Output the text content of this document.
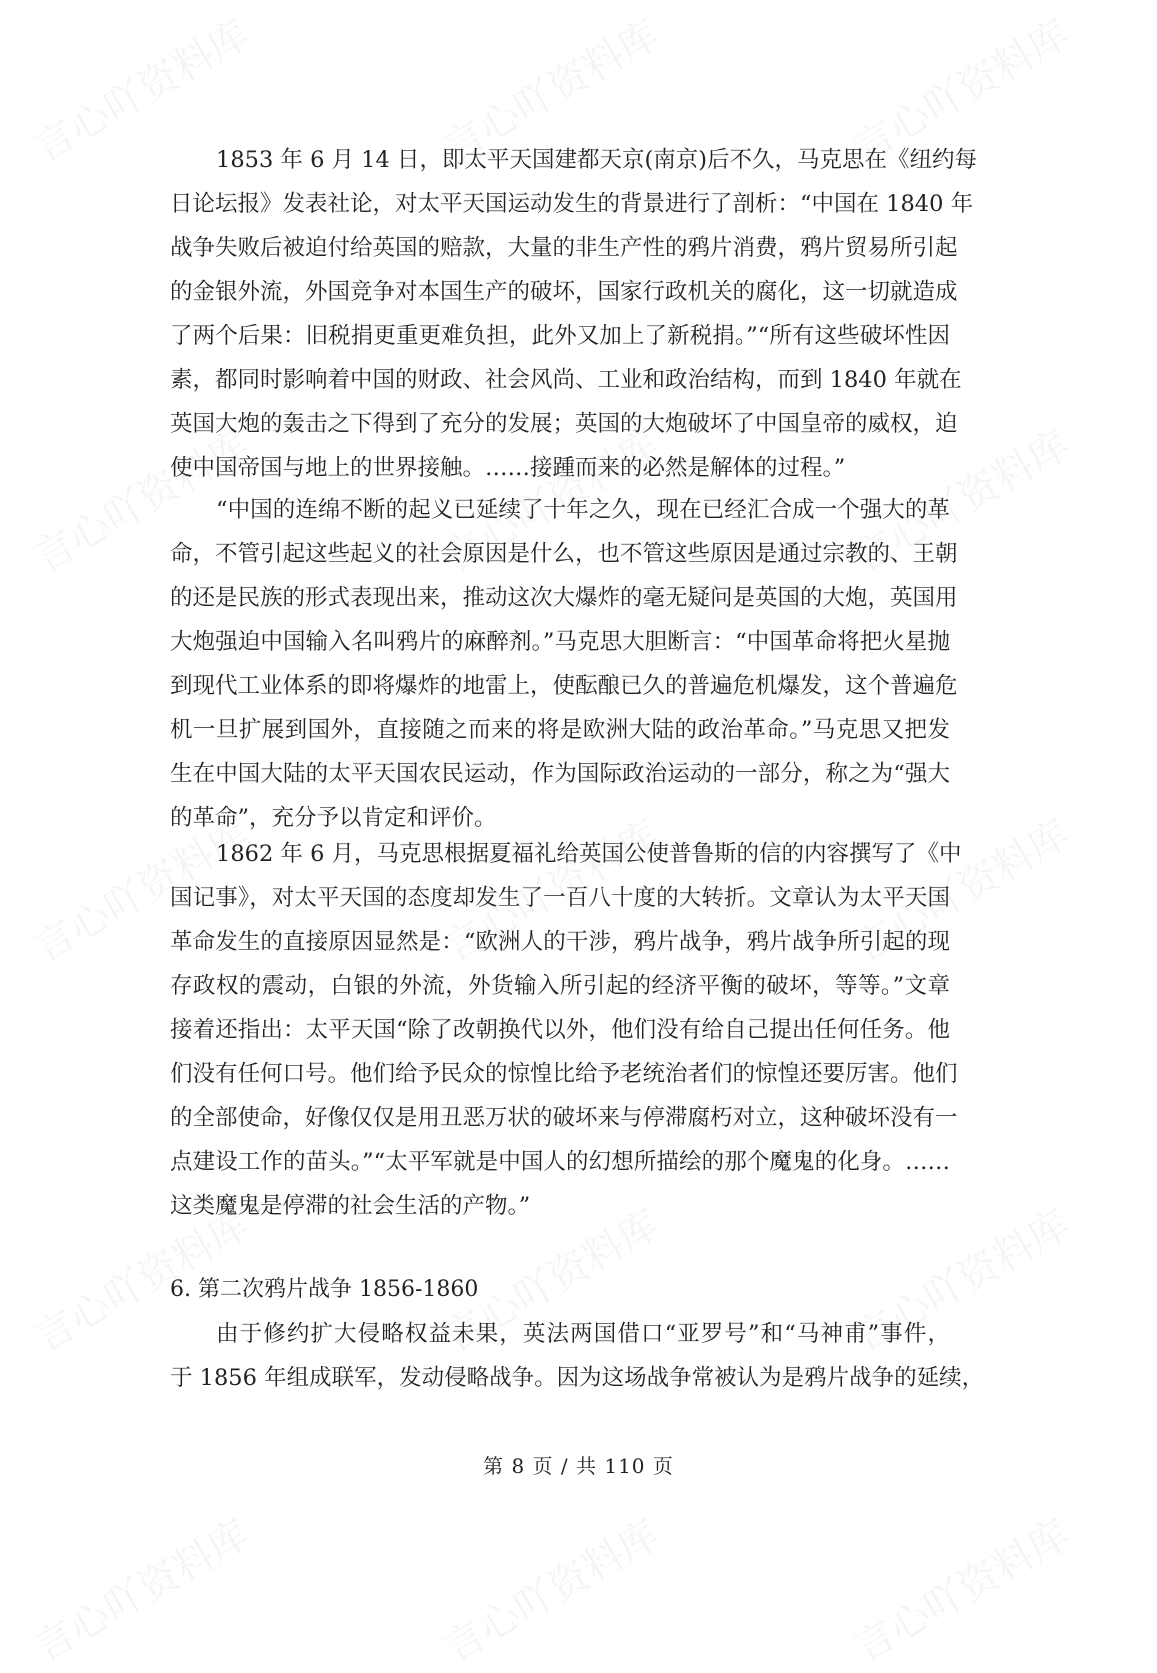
1853 年 6 月 14 日，即太平天国建都天京(南京)后不久，马克思在《纽约每
日论坛报》发表社论，对太平天国运动发生的背景进行了剖析：“中国在 1840 年
战争失败后被迫付给英国的赔款，大量的非生产性的鸦片消费，鸦片贸易所引起
的金银外流，外国竞争对本国生产的破坏，国家行政机关的腐化，这一切就造成
了两个后果：旧税捐更重更难负担，此外又加上了新税捐。”“所有这些破坏性因
素，都同时影响着中国的财政、社会风尚、工业和政治结构，而到 1840 年就在
英国大炮的轰击之下得到了充分的发展；英国的大炮破坏了中国皇帝的威权，迫
使中国帝国与地上的世界接触。……接踵而来的必然是解体的过程。”
“中国的连绵不断的起义已延续了十年之久，现在已经汇合成一个强大的革
命，不管引起这些起义的社会原因是什么，也不管这些原因是通过宗教的、王朝
的还是民族的形式表现出来，推动这次大爆炸的毫无疑问是英国的大炮，英国用
大炮强迫中国输入名叫鸦片的麻醉剂。”马克思大胆断言：“中国革命将把火星抛
到现代工业体系的即将爆炸的地雷上，使酝酿已久的普遍危机爆发，这个普遍危
机一旦扩展到国外，直接随之而来的将是欧洲大陆的政治革命。”马克思又把发
生在中国大陆的太平天国农民运动，作为国际政治运动的一部分，称之为“强大
的革命”，充分予以肯定和评价。
1862 年 6 月，马克思根据夏福礼给英国公使普鲁斯的信的内容撰写了《中
国记事》，对太平天国的态度却发生了一百八十度的大转折。文章认为太平天国
革命发生的直接原因显然是：“欧洲人的干涉，鸦片战争，鸦片战争所引起的现
存政权的震动，白银的外流，外货输入所引起的经济平衡的破坏，等等。”文章
接着还指出：太平天国“除了改朝换代以外，他们没有给自己提出任何任务。他
们没有任何口号。他们给予民众的惊惶比给予老统治者们的惊惶还要厉害。他们
的全部使命，好像仅仅是用丑恶万状的破坏来与停滞腐朽对立，这种破坏没有一
点建设工作的苗头。”“太平军就是中国人的幻想所描绘的那个魔鬼的化身。……
这类魔鬼是停滞的社会生活的产物。”
6. 第二次鸦片战争 1856-1860
由于修约扩大侵略权益未果，英法两国借口“亚罗号”和“马神甫”事件，
于 1856 年组成联军，发动侵略战争。因为这场战争常被认为是鸦片战争的延续，
第 8 页 / 共 110 页
